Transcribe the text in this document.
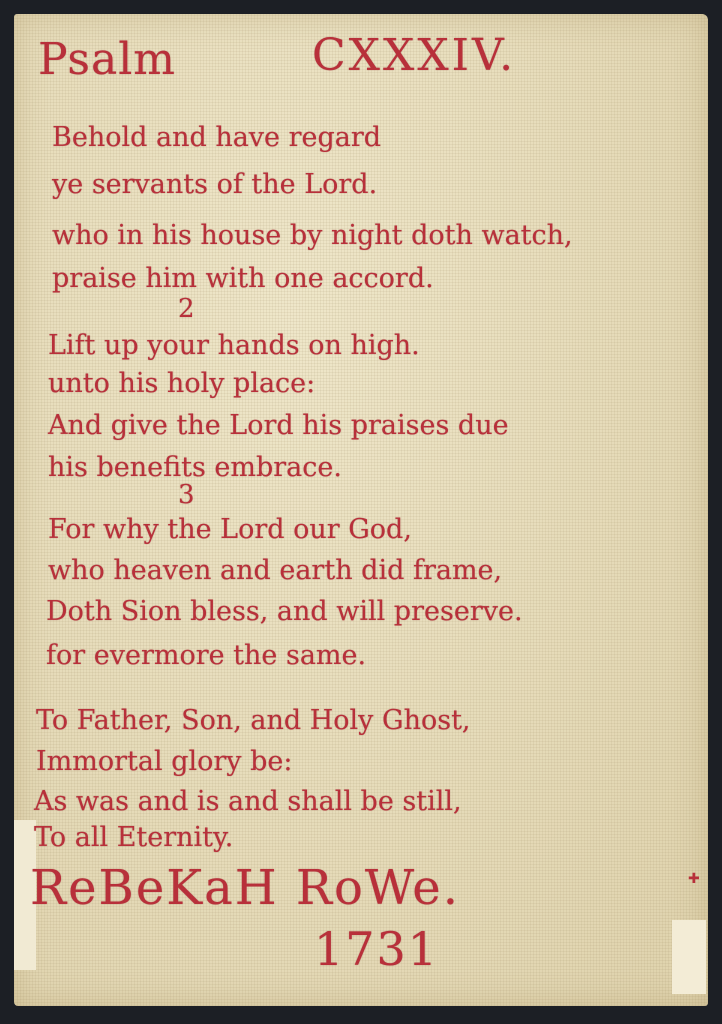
Psalm	CXXXIV.
Behold and have regard
ye servants of the Lord.
who in his house by night doth watch,
praise him with one accord.
2
Lift up your hands on high.
unto his holy place:
And give the Lord his praises due
his benefits embrace.
3
For why the Lord our God,
who heaven and earth did frame,
Doth Sion bless, and will preserve.
for evermore the same.
To Father, Son, and Holy Ghost,
Immortal glory be:
As was and is and shall be still,
To all Eternity.
ReBeKaH RoWe.
1731
✚
